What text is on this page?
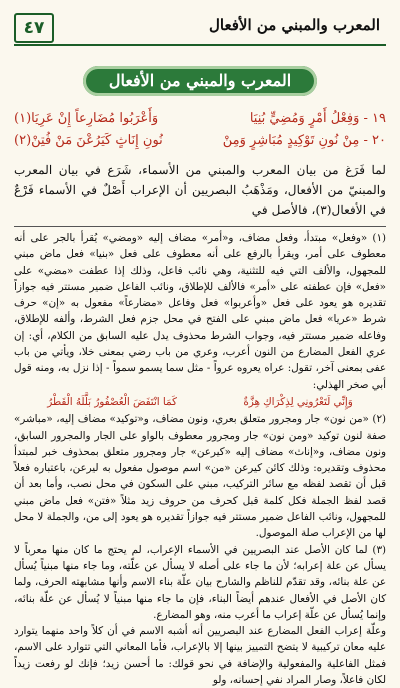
٤٧	المعرب والمبني من الأفعال
المعرب والمبني من الأفعال
١٩ - وَفِعْلُ أَمْرٍ وَمُضِيٍّ بُنِيَا
وَأَعْرَبُوا مُضَارِعاً إِنْ عَرِيَا(١)
٢٠ - مِنْ نُونِ تَوْكِيدٍ مُبَاشِرٍ وَمِنْ
نُونِ إِنَاثٍ كَيَرُعْنَ مَنْ فُتِنْ(٢)
لما فَرَغ من بيان المعرب والمبني من الأسماء، شَرَع في بيان المعرب والمبنيّ من الأفعال، ومَذْهَبُ البصريين أن الإعراب أَصْلٌ في الأسماء فَرْعٌ في الأفعال(٣)، فالأصل في
(١) «وفعل» مبتدأ، وفعل مضاف، و«أمر» مضاف إليه «ومضي» يُقرأ بالجر على أنه معطوف على أمر، ويقرأ بالرفع على أنه معطوف على فعل «بنيا» فعل ماض مبني للمجهول، والألف التي فيه للتثنية، وهي نائب فاعل، وذلك إذا عطفت «مضي» على «فعل» فإن عطفته على «أمر» فالألف للإطلاق، ونائب الفاعل ضمير مستتر فيه جوازاً تقديره هو يعود على فعل «وأعربوا» فعل وفاعل «مضارعاً» مفعول به «إن» حرف شرط «عريا» فعل ماض مبني على الفتح في محل جزم فعل الشرط، وألفه للإطلاق، وفاعله ضمير مستتر فيه، وجواب الشرط محذوف يدل عليه السابق من الكلام، أي: إن عري الفعل المضارع من النون أعرب، وعري من باب رضي بمعنى خلا، ويأتي من باب عفى بمعنى آخر، تقول: عراه يعروه عرواً - مثل سما يسمو سمواً - إذا نزل به، ومنه قول أبي صخر الهذلي:
وَإِنِّي لَتَعْرُونِي لِذِكْرَاكِ هِزَّةٌ
كَمَا انْتَفَضَ الْعُصْفُورُ بَلَّلَهُ الْقَطْرُ
(٢) «من نون» جار ومجرور متعلق بعري، ونون مضاف، و«توكيد» مضاف إليه، «مباشر» صفة لنون توكيد «ومن نون» جار ومجرور معطوف بالواو على الجار والمجرور السابق، ونون مضاف، و«إناث» مضاف إليه «كيرعن» جار ومجرور متعلق بمحذوف خبر لمبتدأ محذوف وتقديره: وذلك كائن كيرعن «من» اسم موصول مفعول به ليرعن، باعتباره فعلاً قبل أن تقصد لفظه مع سائر التركيب، مبني على السكون في محل نصب، وأما بعد أن قصد لفظ الجملة فكل كلمة قبل كحرف من حروف زيد مثلاً «فتن» فعل ماض مبني للمجهول، ونائب الفاعل ضمير مستتر فيه جوازاً تقديره هو يعود إلى من، والجملة لا محل لها من الإعراب صلة الموصول.
(٣) لما كان الأصل عند البصريين في الأسماء الإعراب، لم يحتج ما كان منها معرباً لا يسأل عن علة إعرابه؛ لأن ما جاء على أصله لا يسأل عن علّته، وما جاء منها مبنياً يُسأل عن علة بنائه، وقد تقدّم للناظم والشارح بيان علّة بناء الاسم وأنها مشابهته الحرف، ولما كان الأصل في الأفعال عندهم أيضاً البناء، فإن ما جاء منها مبنياً لا يُسأل عن علّة بنائه، وإنما يُسأل عن علّة إعراب ما أعرب منه، وهو المضارع.
وعلّة إعراب الفعل المضارع عند البصريين أنه أشبه الاسم في أن كلاً واحد منهما يتوارد عليه معان تركيبية لا يتضح التمييز بينها إلا بالإعراب، فأما المعاني التي تتوارد على الاسم، فمثل الفاعلية والمفعولية والإضافة في نحو قولك: ما أحسن زيد؛ فإنك لو رفعت زيداً لكان فاعلاً، وصار المراد نفي إحسانه، ولو
